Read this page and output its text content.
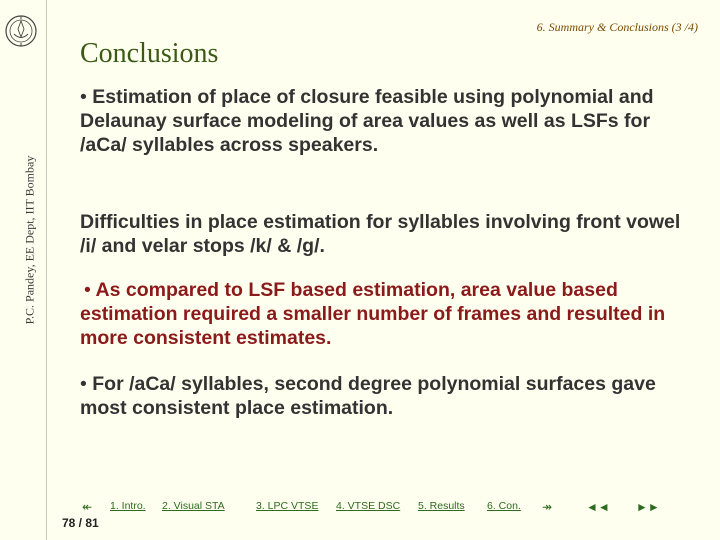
P.C. Pandey, EE Dept, IIT Bombay
6. Summary & Conclusions (3 /4)
Conclusions
• Estimation of place of closure feasible using polynomial and Delaunay surface modeling of area values as well as LSFs for /aCa/ syllables across speakers.
Difficulties in place estimation for syllables involving front vowel /i/ and velar stops /k/ & /g/.
• As compared to LSF based estimation, area value based estimation required a smaller number of frames and resulted in more consistent estimates.
• For /aCa/ syllables, second degree polynomial surfaces gave most consistent place estimation.
↞ 1. Intro. 2. Visual STA	3. LPC VTSE 4. VTSE DSC 5. Results 6. Con. ↠	◄◄ ►►
78 / 81
